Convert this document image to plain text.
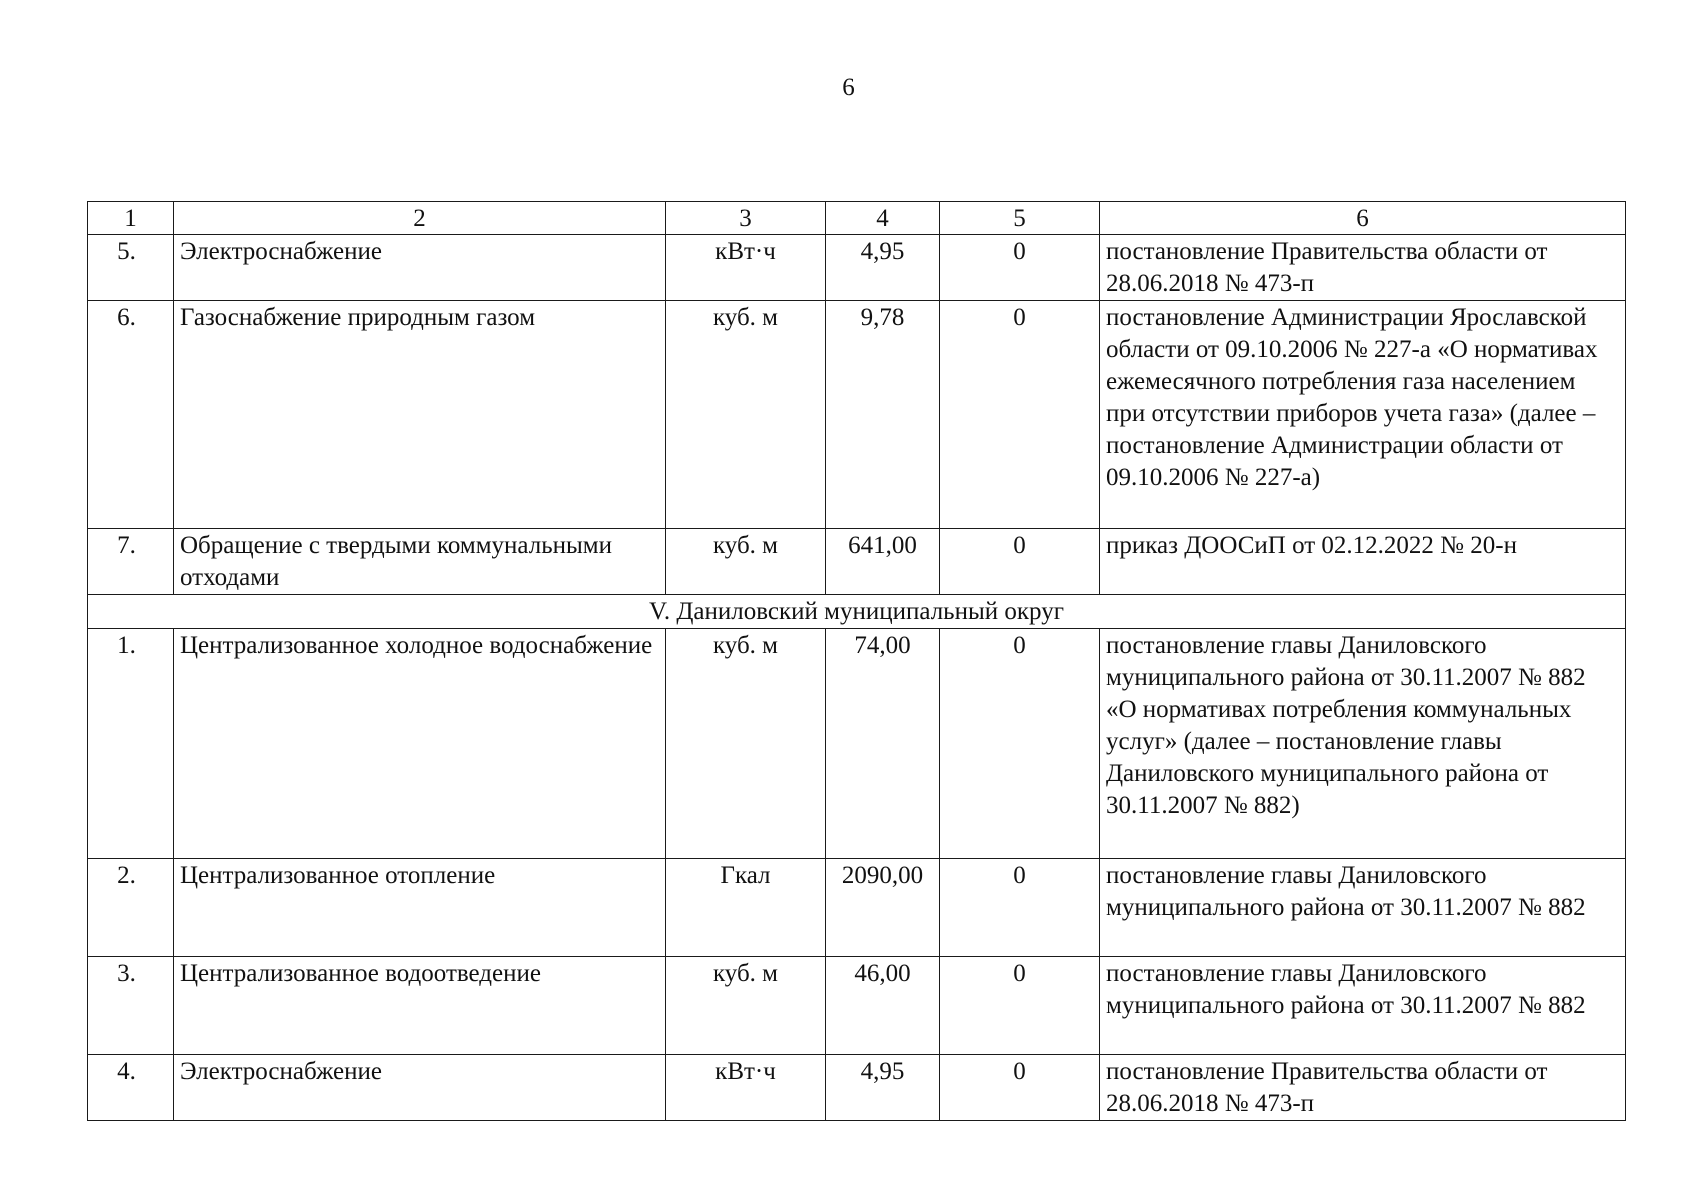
6
1	2	3	4	5	6
5.	Электроснабжение	кВт·ч	4,95	0	постановление Правительства области от 28.06.2018 № 473-п
6.	Газоснабжение природным газом	куб. м	9,78	0	постановление Администрации Ярославской области от 09.10.2006 № 227-а «О нормативах ежемесячного потребления газа населением при отсутствии приборов учета газа» (далее – постановление Администрации области от 09.10.2006 № 227-а)
7.	Обращение с твердыми коммунальными отходами	куб. м	641,00	0	приказ ДООСиП от 02.12.2022 № 20-н
V. Даниловский муниципальный округ					
1.	Централизованное холодное водоснабжение	куб. м	74,00	0	постановление главы Даниловского муниципального района от 30.11.2007 № 882 «О нормативах потребления коммунальных услуг» (далее – постановление главы Даниловского муниципального района от 30.11.2007 № 882)
2.	Централизованное отопление	Гкал	2090,00	0	постановление главы Даниловского муниципального района от 30.11.2007 № 882
3.	Централизованное водоотведение	куб. м	46,00	0	постановление главы Даниловского муниципального района от 30.11.2007 № 882
4.	Электроснабжение	кВт·ч	4,95	0	постановление Правительства области от 28.06.2018 № 473-п
